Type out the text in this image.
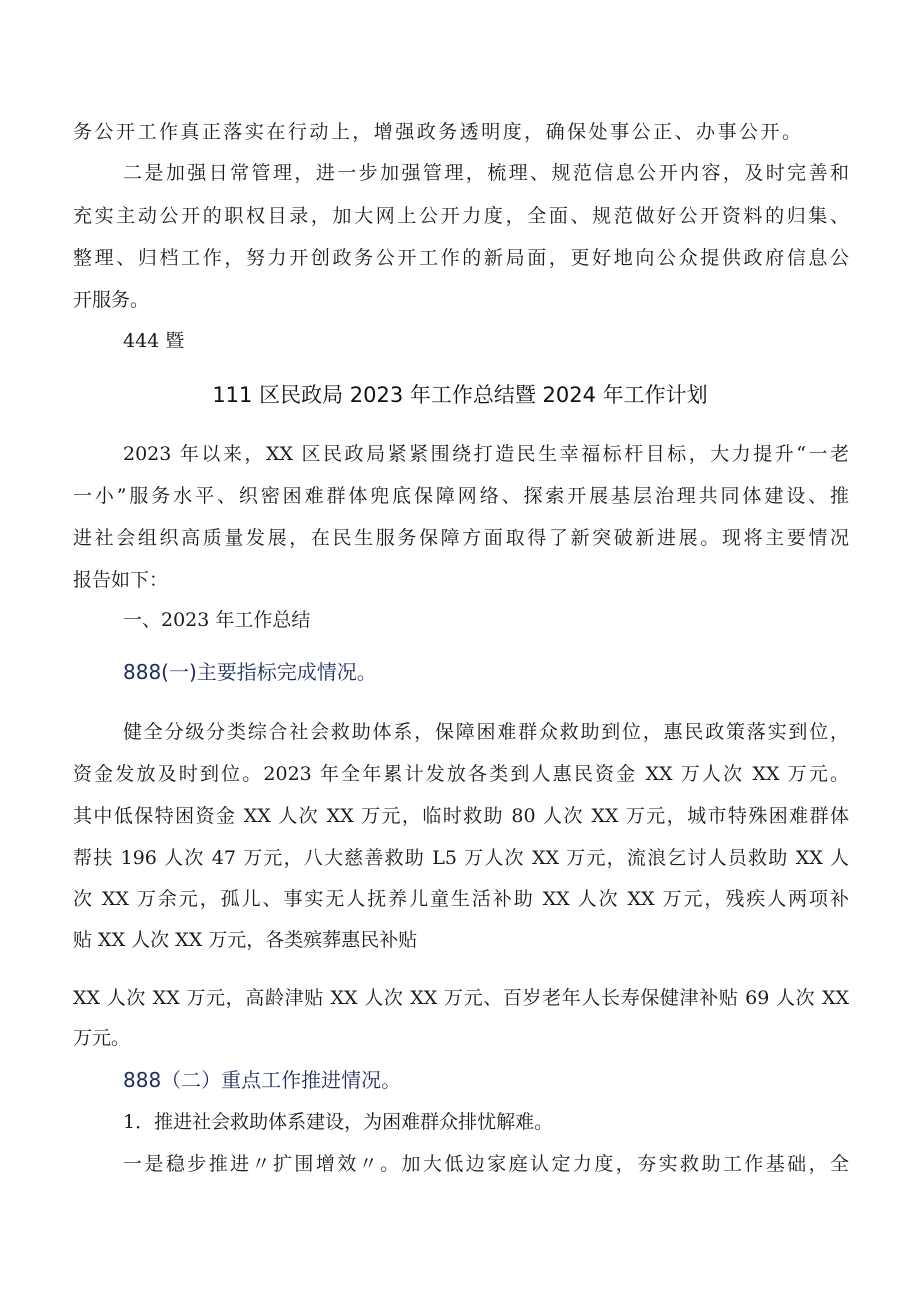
务公开工作真正落实在行动上，增强政务透明度，确保处事公正、办事公开。
二是加强日常管理，进一步加强管理，梳理、规范信息公开内容，及时完善和
充实主动公开的职权目录，加大网上公开力度，全面、规范做好公开资料的归集、
整理、归档工作，努力开创政务公开工作的新局面，更好地向公众提供政府信息公
开服务。
444 暨
111 区民政局 2023 年工作总结暨 2024 年工作计划
2023 年以来，XX 区民政局紧紧围绕打造民生幸福标杆目标，大力提升“一老
一小”服务水平、织密困难群体兜底保障网络、探索开展基层治理共同体建设、推
进社会组织高质量发展，在民生服务保障方面取得了新突破新进展。现将主要情况
报告如下：
一、2023 年工作总结
888(一)主要指标完成情况。
健全分级分类综合社会救助体系，保障困难群众救助到位，惠民政策落实到位，
资金发放及时到位。2023 年全年累计发放各类到人惠民资金 XX 万人次 XX 万元。
其中低保特困资金 XX 人次 XX 万元，临时救助 80 人次 XX 万元，城市特殊困难群体
帮扶 196 人次 47 万元，八大慈善救助 L5 万人次 XX 万元，流浪乞讨人员救助 XX 人
次 XX 万余元，孤儿、事实无人抚养儿童生活补助 XX 人次 XX 万元，残疾人两项补
贴 XX 人次 XX 万元，各类殡葬惠民补贴
XX 人次 XX 万元，高龄津贴 XX 人次 XX 万元、百岁老年人长寿保健津补贴 69 人次 XX
万元。
888（二）重点工作推进情况。
1．推进社会救助体系建设，为困难群众排忧解难。
一是稳步推进〃扩围增效〃。加大低边家庭认定力度，夯实救助工作基础，全
